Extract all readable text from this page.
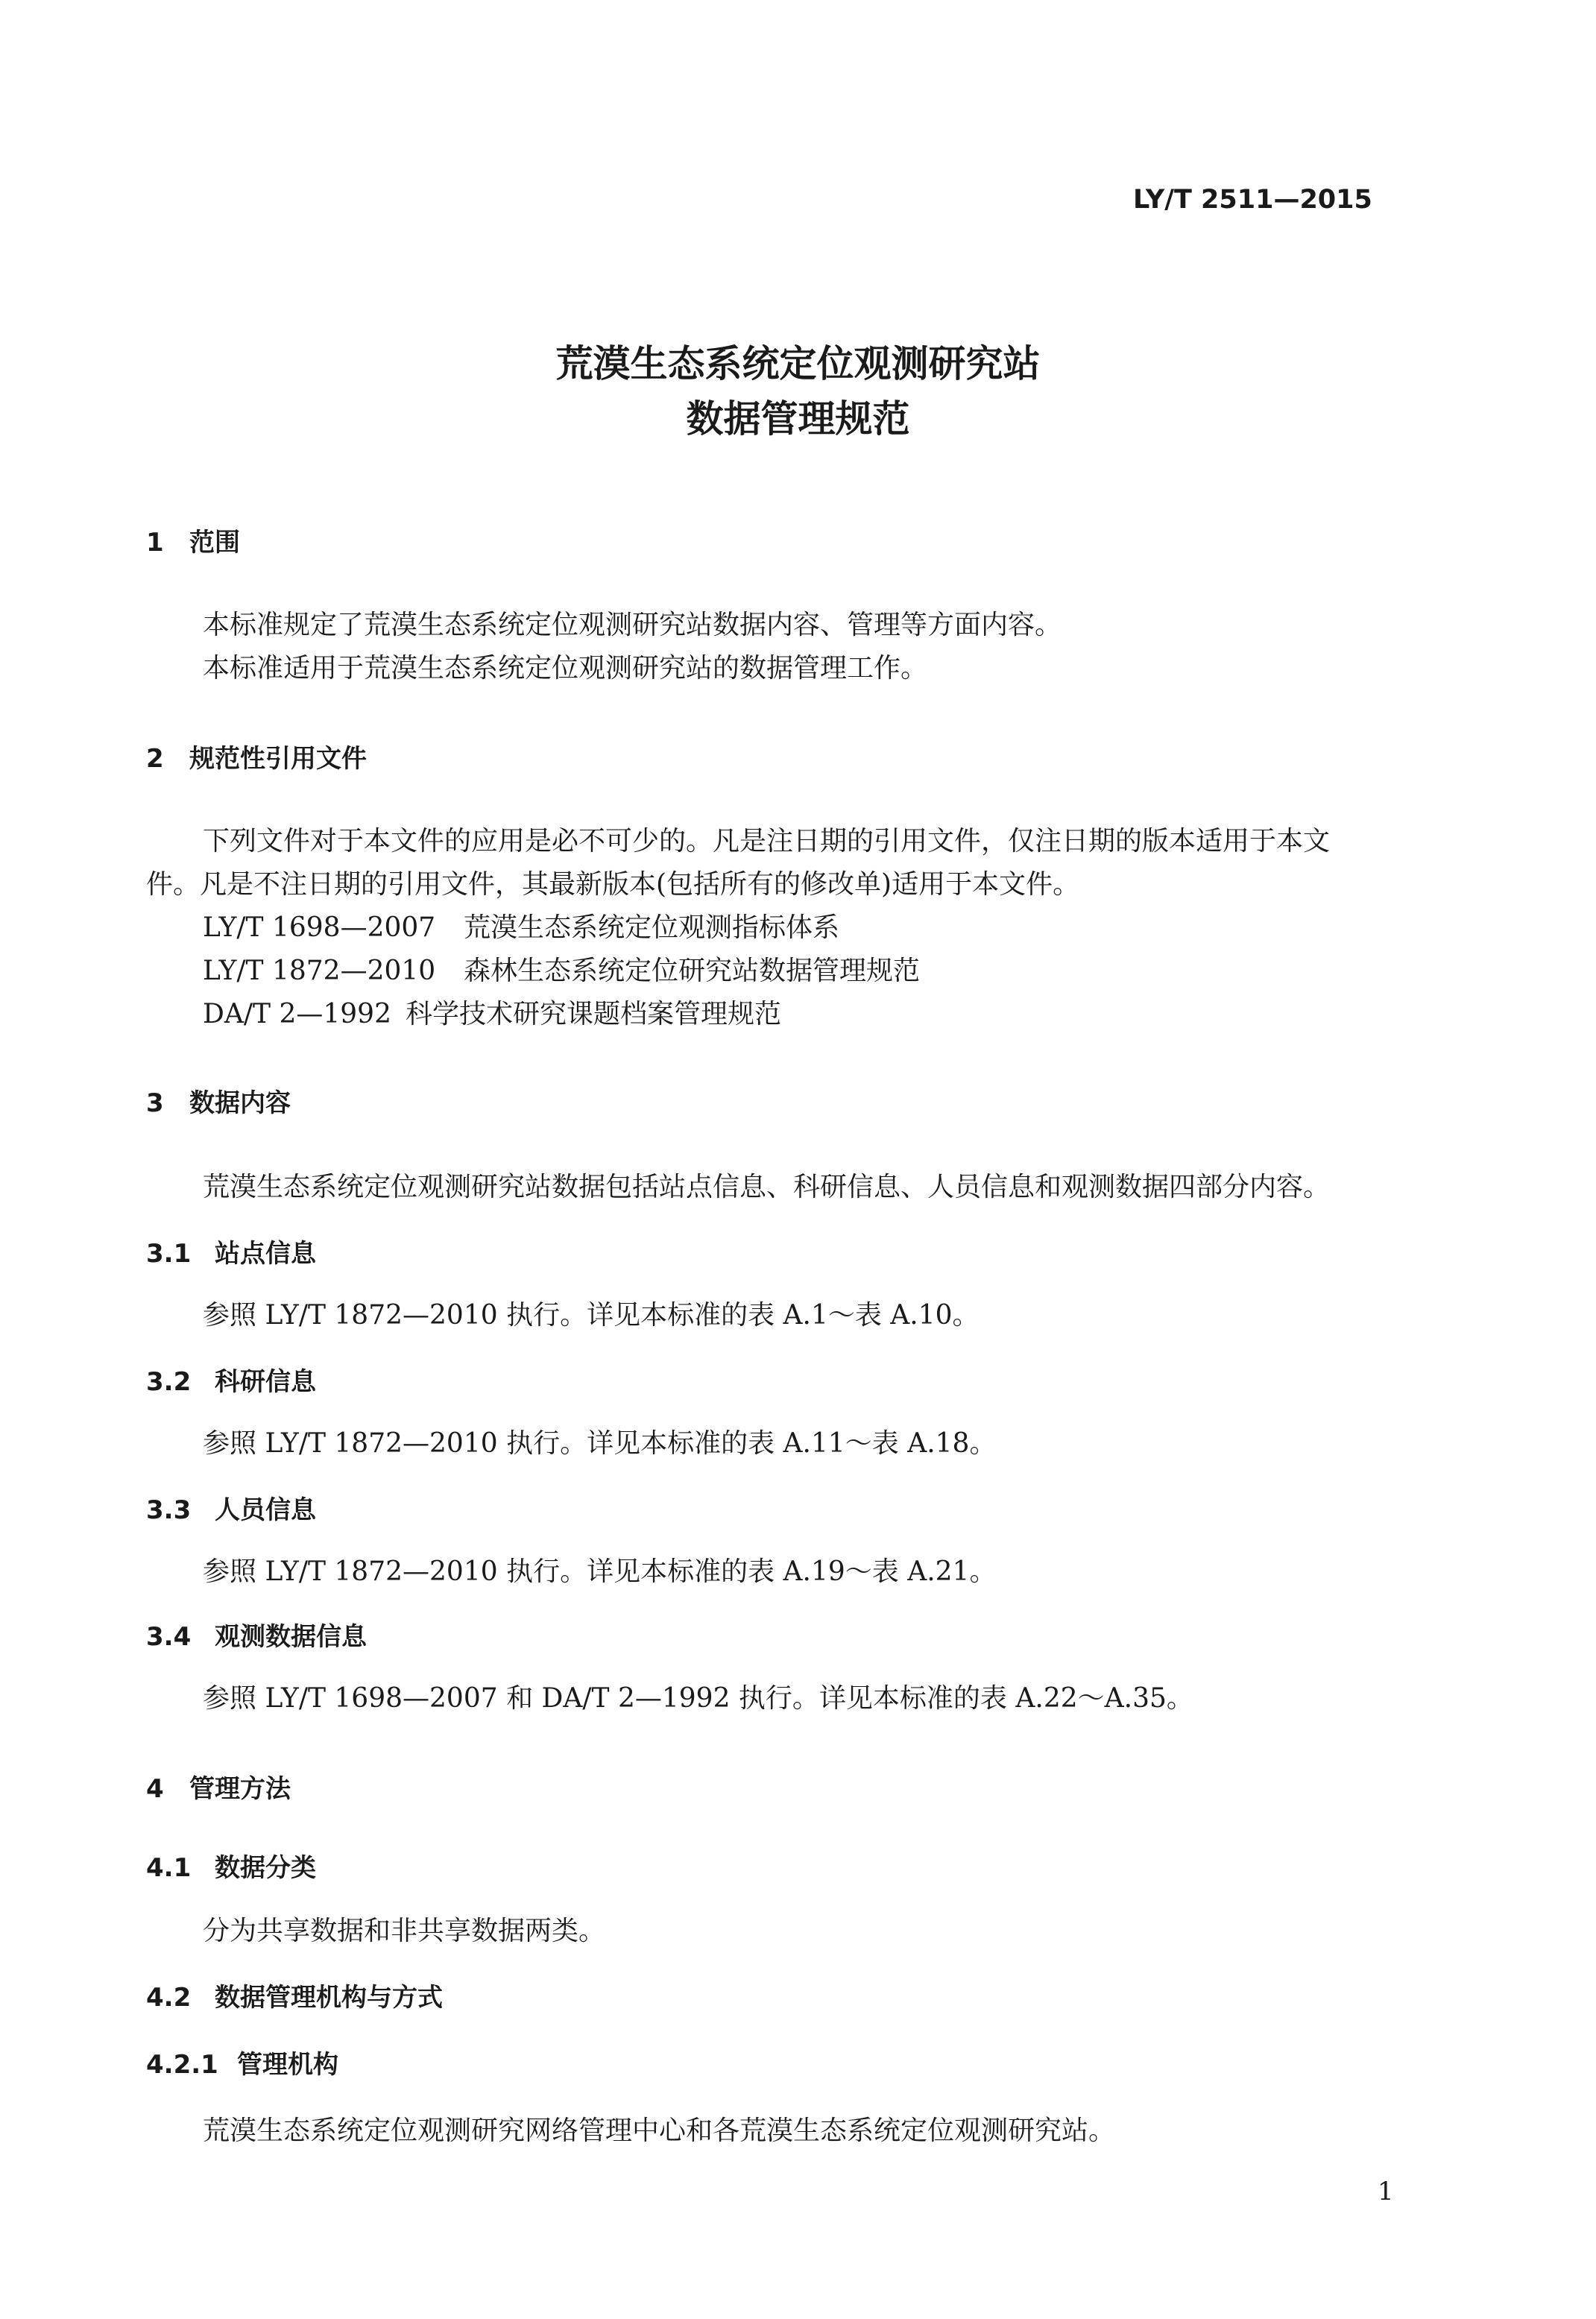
LY/T 2511—2015
荒漠生态系统定位观测研究站
数据管理规范
1 范围
本标准规定了荒漠生态系统定位观测研究站数据内容、管理等方面内容。
本标准适用于荒漠生态系统定位观测研究站的数据管理工作。
2 规范性引用文件
下列文件对于本文件的应用是必不可少的。凡是注日期的引用文件，仅注日期的版本适用于本文
件。凡是不注日期的引用文件，其最新版本(包括所有的修改单)适用于本文件。
LY/T 1698—2007 荒漠生态系统定位观测指标体系
LY/T 1872—2010 森林生态系统定位研究站数据管理规范
DA/T 2—1992 科学技术研究课题档案管理规范
3 数据内容
荒漠生态系统定位观测研究站数据包括站点信息、科研信息、人员信息和观测数据四部分内容。
3.1 站点信息
参照 LY/T 1872—2010 执行。详见本标准的表 A.1～表 A.10。
3.2 科研信息
参照 LY/T 1872—2010 执行。详见本标准的表 A.11～表 A.18。
3.3 人员信息
参照 LY/T 1872—2010 执行。详见本标准的表 A.19～表 A.21。
3.4 观测数据信息
参照 LY/T 1698—2007 和 DA/T 2—1992 执行。详见本标准的表 A.22～A.35。
4 管理方法
4.1 数据分类
分为共享数据和非共享数据两类。
4.2 数据管理机构与方式
4.2.1 管理机构
荒漠生态系统定位观测研究网络管理中心和各荒漠生态系统定位观测研究站。
1
